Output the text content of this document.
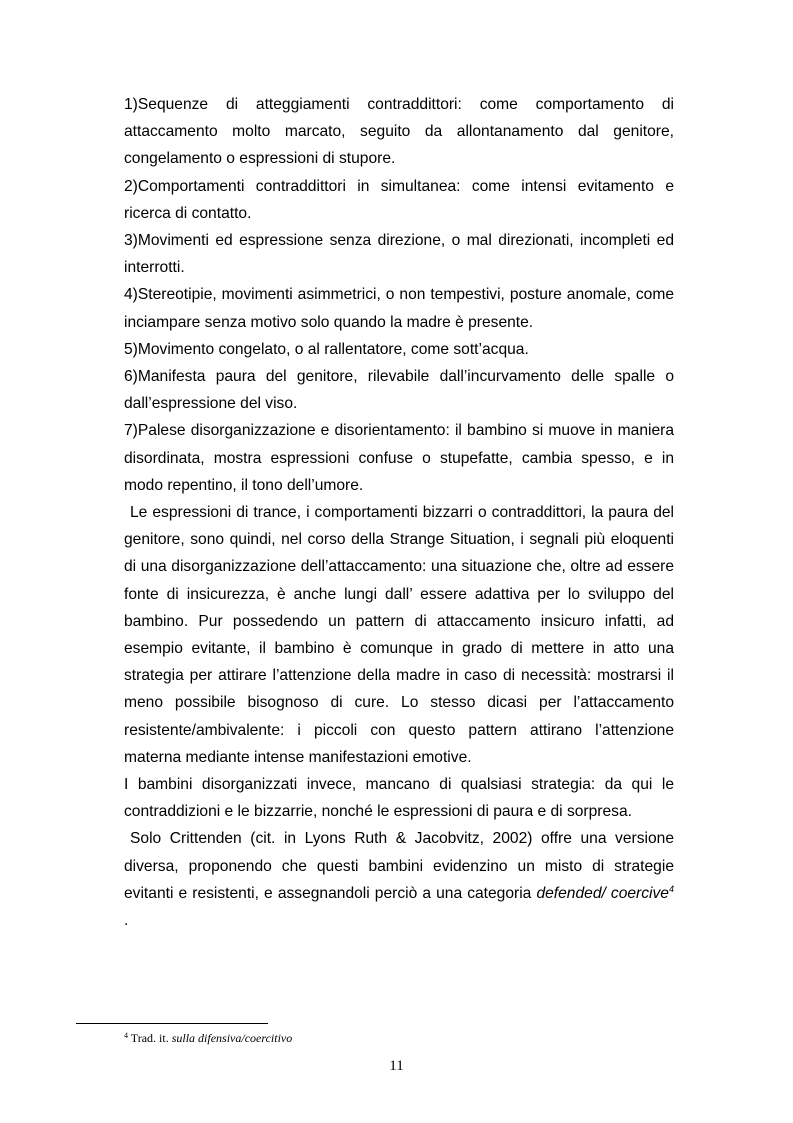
1)Sequenze di atteggiamenti contraddittori: come comportamento di attaccamento molto marcato, seguito da allontanamento dal genitore, congelamento o espressioni di stupore.

2)Comportamenti contraddittori in simultanea: come intensi evitamento e ricerca di contatto.

3)Movimenti ed espressione senza direzione, o mal direzionati, incompleti ed interrotti.

4)Stereotipie, movimenti asimmetrici, o non tempestivi, posture anomale, come inciampare senza motivo solo quando la madre è presente.

5)Movimento congelato, o al rallentatore, come sott’acqua.

6)Manifesta paura del genitore, rilevabile dall’incurvamento delle spalle o dall’espressione del viso.

7)Palese disorganizzazione e disorientamento: il bambino si muove in maniera disordinata, mostra espressioni confuse o stupefatte, cambia spesso, e in modo repentino, il tono dell’umore.

Le espressioni di trance, i comportamenti bizzarri o contraddittori, la paura del genitore, sono quindi, nel corso della Strange Situation, i segnali più eloquenti di una disorganizzazione dell’attaccamento: una situazione che, oltre ad essere fonte di insicurezza, è anche lungi dall’ essere adattiva per lo sviluppo del bambino. Pur possedendo un pattern di attaccamento insicuro infatti, ad esempio evitante, il bambino è comunque in grado di mettere in atto una strategia per attirare l’attenzione della madre in caso di necessità: mostrarsi il meno possibile bisognoso di cure. Lo stesso dicasi per l’attaccamento resistente/ambivalente: i piccoli con questo pattern attirano l’attenzione materna mediante intense manifestazioni emotive.

I bambini disorganizzati invece, mancano di qualsiasi strategia: da qui le contraddizioni e le bizzarrie, nonché le espressioni di paura e di sorpresa.

Solo Crittenden (cit. in Lyons Ruth & Jacobvitz, 2002) offre una versione diversa, proponendo che questi bambini evidenzino un misto di strategie evitanti e resistenti, e assegnandoli perciò a una categoria defended/ coercive$^4$ .

$^4$ Trad. it. sulla difensiva/coercitivo
11
